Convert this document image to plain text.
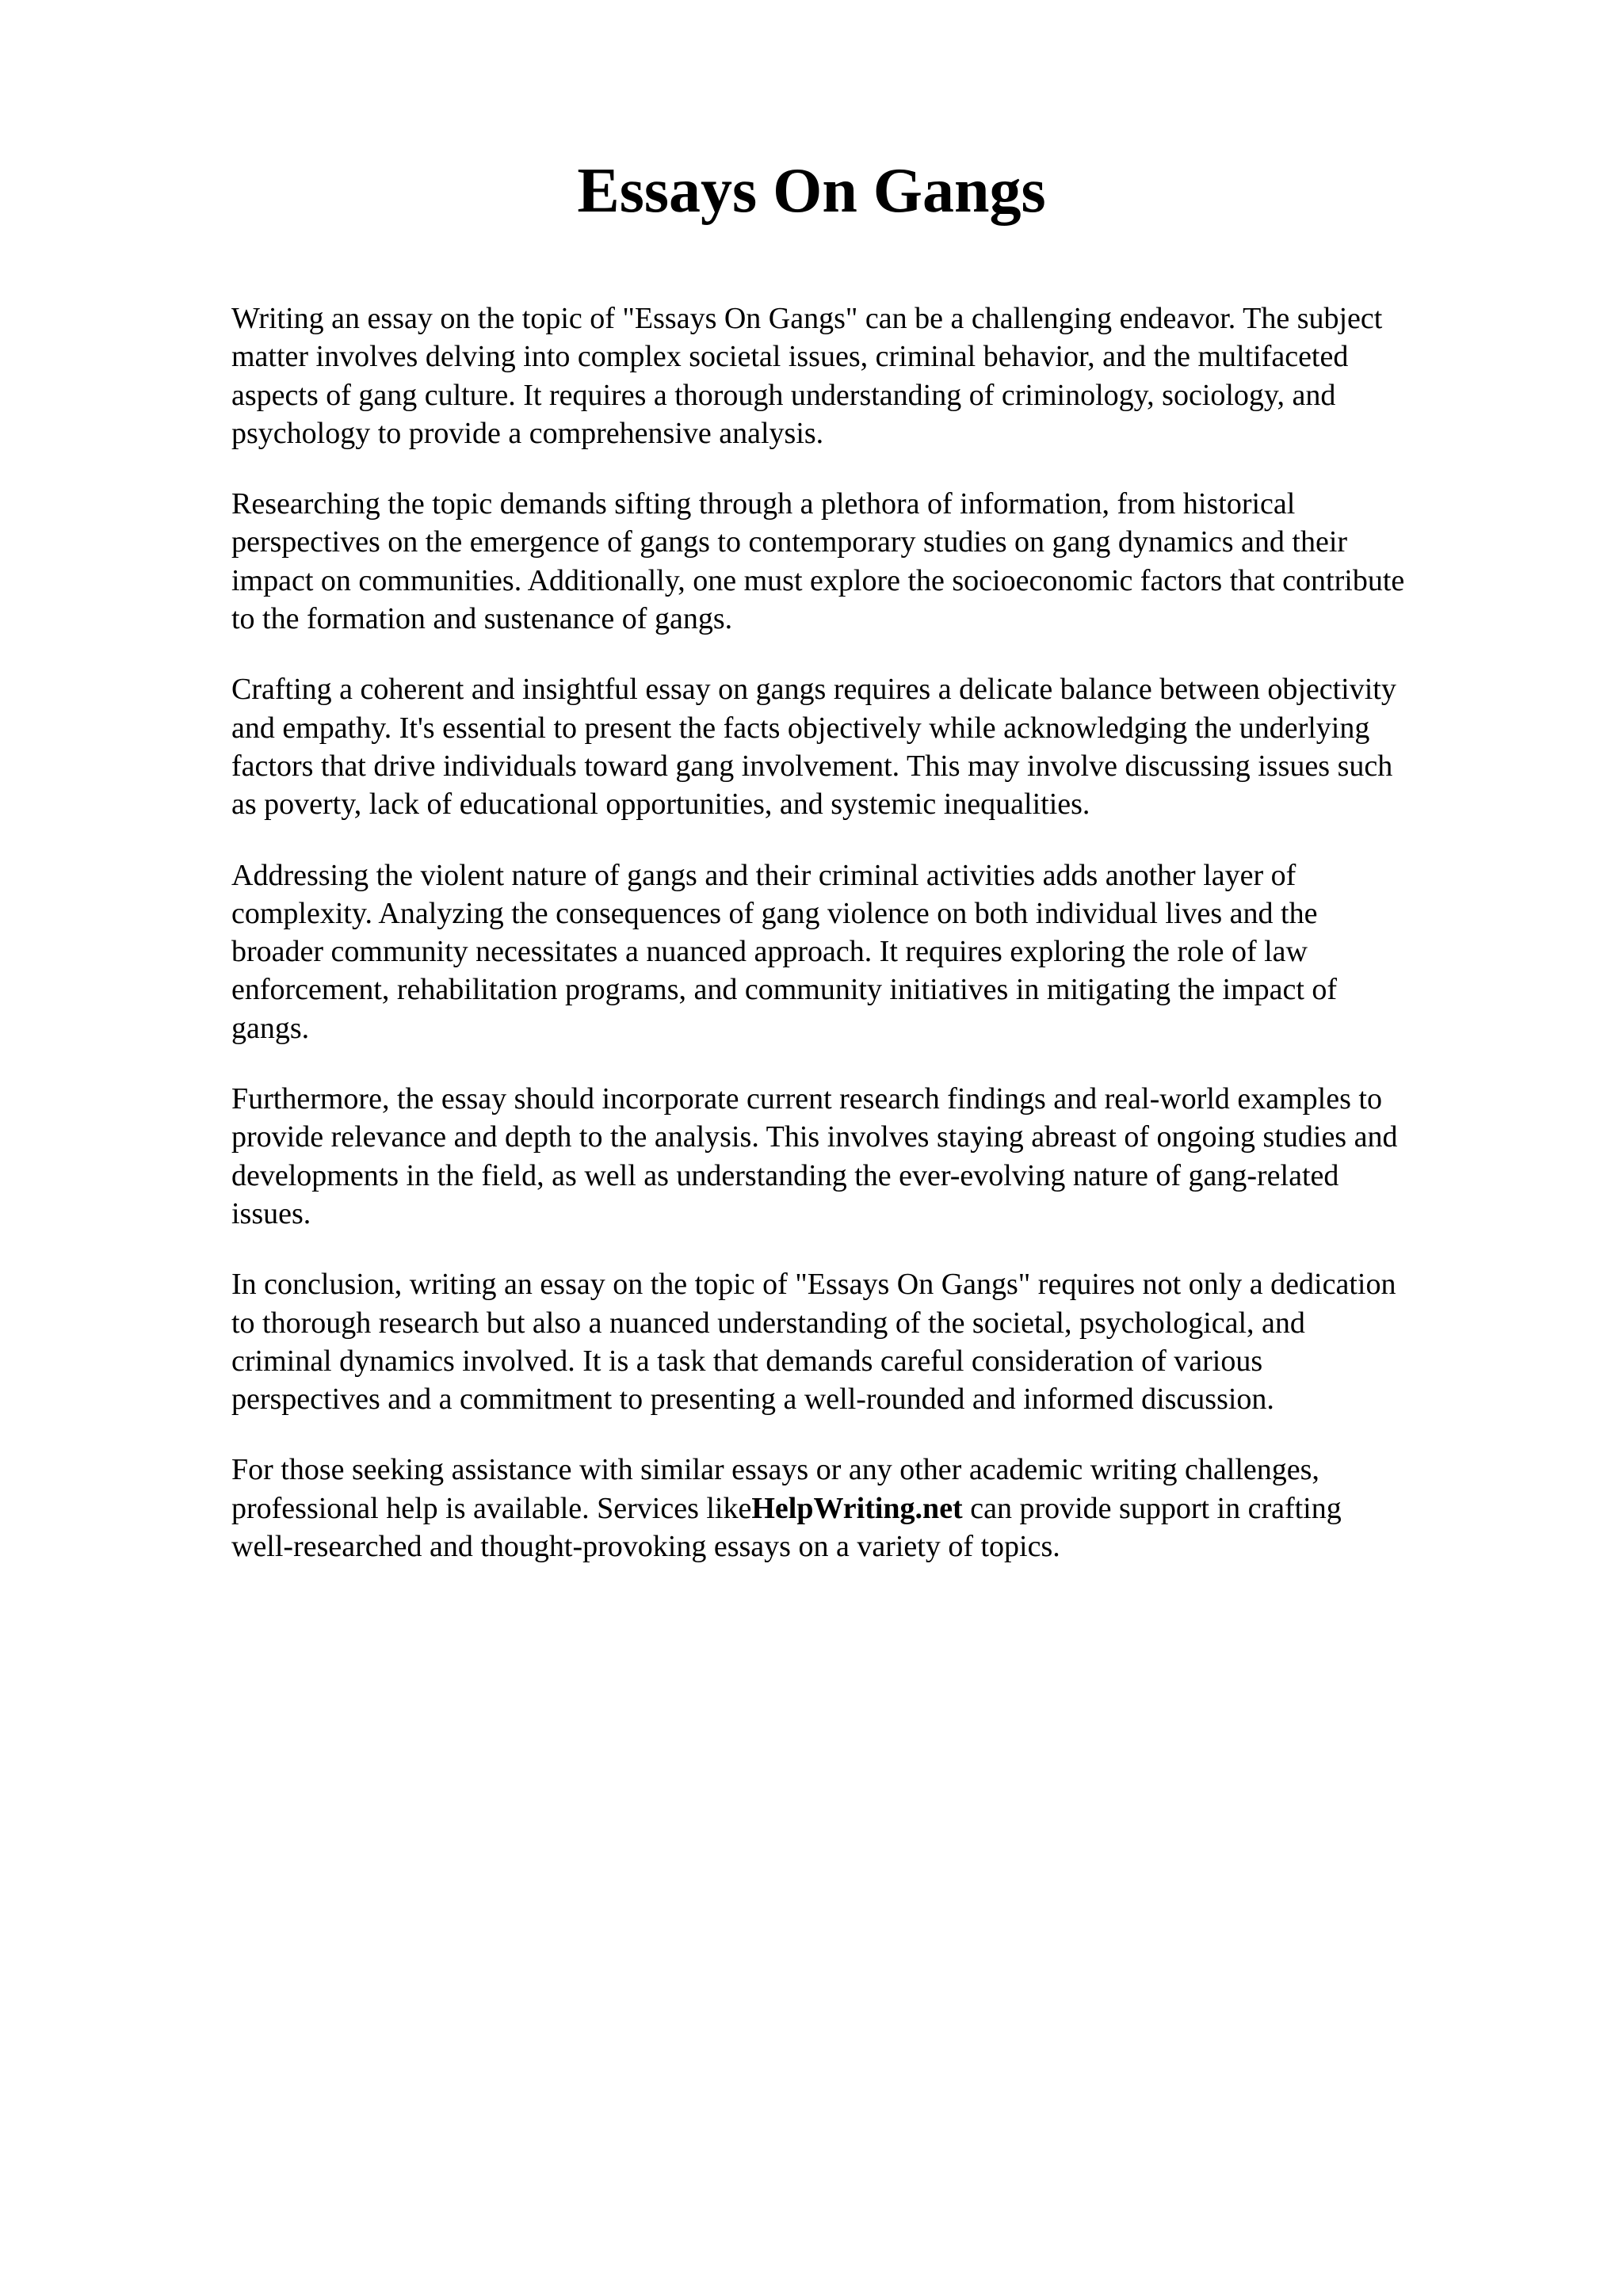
Essays On Gangs

Writing an essay on the topic of "Essays On Gangs" can be a challenging endeavor. The subject
matter involves delving into complex societal issues, criminal behavior, and the multifaceted
aspects of gang culture. It requires a thorough understanding of criminology, sociology, and
psychology to provide a comprehensive analysis.

Researching the topic demands sifting through a plethora of information, from historical
perspectives on the emergence of gangs to contemporary studies on gang dynamics and their
impact on communities. Additionally, one must explore the socioeconomic factors that contribute
to the formation and sustenance of gangs.

Crafting a coherent and insightful essay on gangs requires a delicate balance between objectivity
and empathy. It's essential to present the facts objectively while acknowledging the underlying
factors that drive individuals toward gang involvement. This may involve discussing issues such
as poverty, lack of educational opportunities, and systemic inequalities.

Addressing the violent nature of gangs and their criminal activities adds another layer of
complexity. Analyzing the consequences of gang violence on both individual lives and the
broader community necessitates a nuanced approach. It requires exploring the role of law
enforcement, rehabilitation programs, and community initiatives in mitigating the impact of
gangs.

Furthermore, the essay should incorporate current research findings and real-world examples to
provide relevance and depth to the analysis. This involves staying abreast of ongoing studies and
developments in the field, as well as understanding the ever-evolving nature of gang-related
issues.

In conclusion, writing an essay on the topic of "Essays On Gangs" requires not only a dedication
to thorough research but also a nuanced understanding of the societal, psychological, and
criminal dynamics involved. It is a task that demands careful consideration of various
perspectives and a commitment to presenting a well-rounded and informed discussion.

For those seeking assistance with similar essays or any other academic writing challenges,
professional help is available. Services likeHelpWriting.net can provide support in crafting
well-researched and thought-provoking essays on a variety of topics.
